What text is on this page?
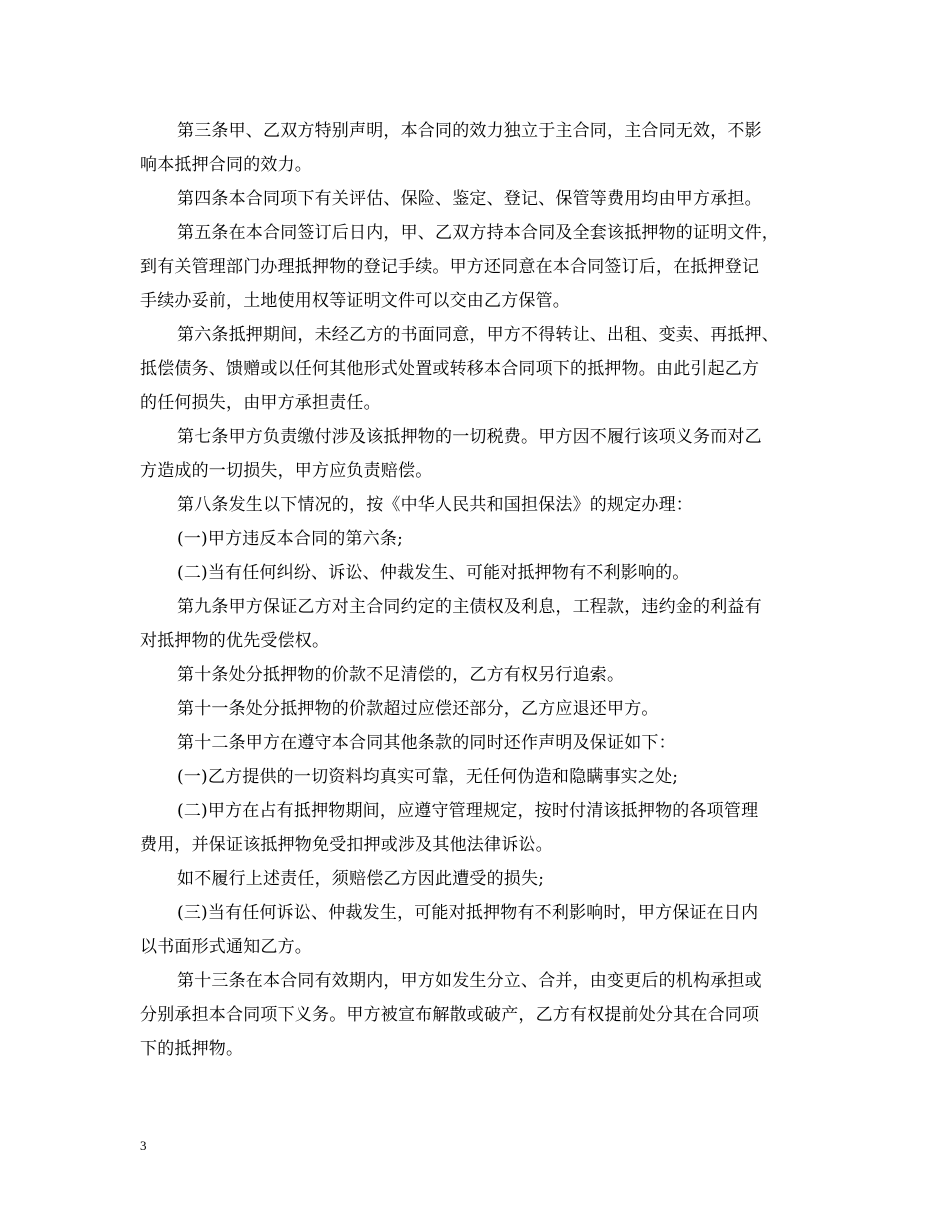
第三条甲、乙双方特别声明，本合同的效力独立于主合同，主合同无效，不影
响本抵押合同的效力。
第四条本合同项下有关评估、保险、鉴定、登记、保管等费用均由甲方承担。
第五条在本合同签订后日内，甲、乙双方持本合同及全套该抵押物的证明文件，
到有关管理部门办理抵押物的登记手续。甲方还同意在本合同签订后，在抵押登记
手续办妥前，土地使用权等证明文件可以交由乙方保管。
第六条抵押期间，未经乙方的书面同意，甲方不得转让、出租、变卖、再抵押、
抵偿债务、馈赠或以任何其他形式处置或转移本合同项下的抵押物。由此引起乙方
的任何损失，由甲方承担责任。
第七条甲方负责缴付涉及该抵押物的一切税费。甲方因不履行该项义务而对乙
方造成的一切损失，甲方应负责赔偿。
第八条发生以下情况的，按《中华人民共和国担保法》的规定办理：
(一)甲方违反本合同的第六条;
(二)当有任何纠纷、诉讼、仲裁发生、可能对抵押物有不利影响的。
第九条甲方保证乙方对主合同约定的主债权及利息，工程款，违约金的利益有
对抵押物的优先受偿权。
第十条处分抵押物的价款不足清偿的，乙方有权另行追索。
第十一条处分抵押物的价款超过应偿还部分，乙方应退还甲方。
第十二条甲方在遵守本合同其他条款的同时还作声明及保证如下：
(一)乙方提供的一切资料均真实可靠，无任何伪造和隐瞒事实之处;
(二)甲方在占有抵押物期间，应遵守管理规定，按时付清该抵押物的各项管理
费用，并保证该抵押物免受扣押或涉及其他法律诉讼。
如不履行上述责任，须赔偿乙方因此遭受的损失;
(三)当有任何诉讼、仲裁发生，可能对抵押物有不利影响时，甲方保证在日内
以书面形式通知乙方。
第十三条在本合同有效期内，甲方如发生分立、合并，由变更后的机构承担或
分别承担本合同项下义务。甲方被宣布解散或破产，乙方有权提前处分其在合同项
下的抵押物。
3
